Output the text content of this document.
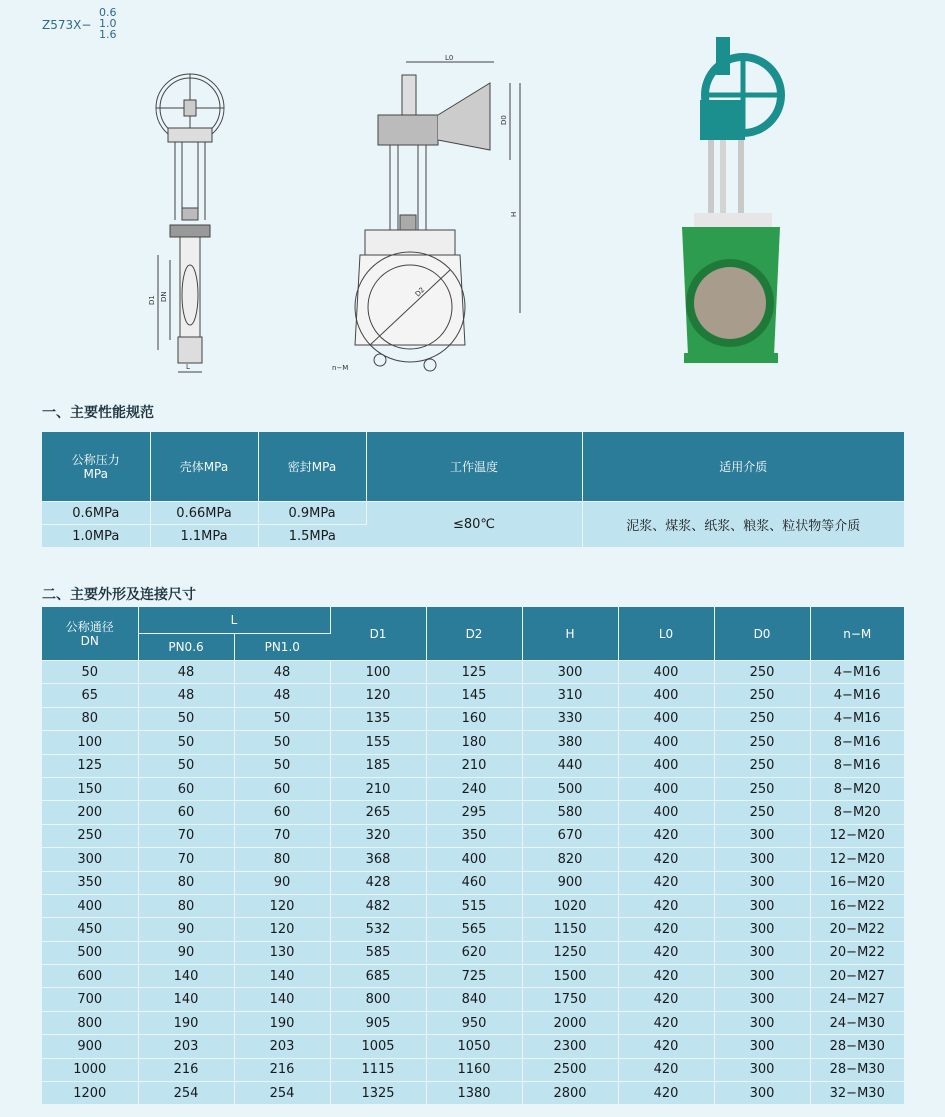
Z573X−
0.6
1.0
1.6
D1 DN
L
L0
D0
H
D2
n−M
一、主要性能规范
公称压力
MPa	壳体MPa	密封MPa	工作温度	适用介质
0.6MPa	0.66MPa	0.9MPa	≤80℃	泥浆、煤浆、纸浆、粮浆、粒状物等介质
1.0MPa	1.1MPa	1.5MPa		
二、主要外形及连接尺寸
公称通径
DN	L		D1	D2	H	L0	D0	n−M
	PN0.6	PN1.0						
50	48	48	100	125	300	400	250	4−M16
65	48	48	120	145	310	400	250	4−M16
80	50	50	135	160	330	400	250	4−M16
100	50	50	155	180	380	400	250	8−M16
125	50	50	185	210	440	400	250	8−M16
150	60	60	210	240	500	400	250	8−M20
200	60	60	265	295	580	400	250	8−M20
250	70	70	320	350	670	420	300	12−M20
300	70	80	368	400	820	420	300	12−M20
350	80	90	428	460	900	420	300	16−M20
400	80	120	482	515	1020	420	300	16−M22
450	90	120	532	565	1150	420	300	20−M22
500	90	130	585	620	1250	420	300	20−M22
600	140	140	685	725	1500	420	300	20−M27
700	140	140	800	840	1750	420	300	24−M27
800	190	190	905	950	2000	420	300	24−M30
900	203	203	1005	1050	2300	420	300	28−M30
1000	216	216	1115	1160	2500	420	300	28−M30
1200	254	254	1325	1380	2800	420	300	32−M30
